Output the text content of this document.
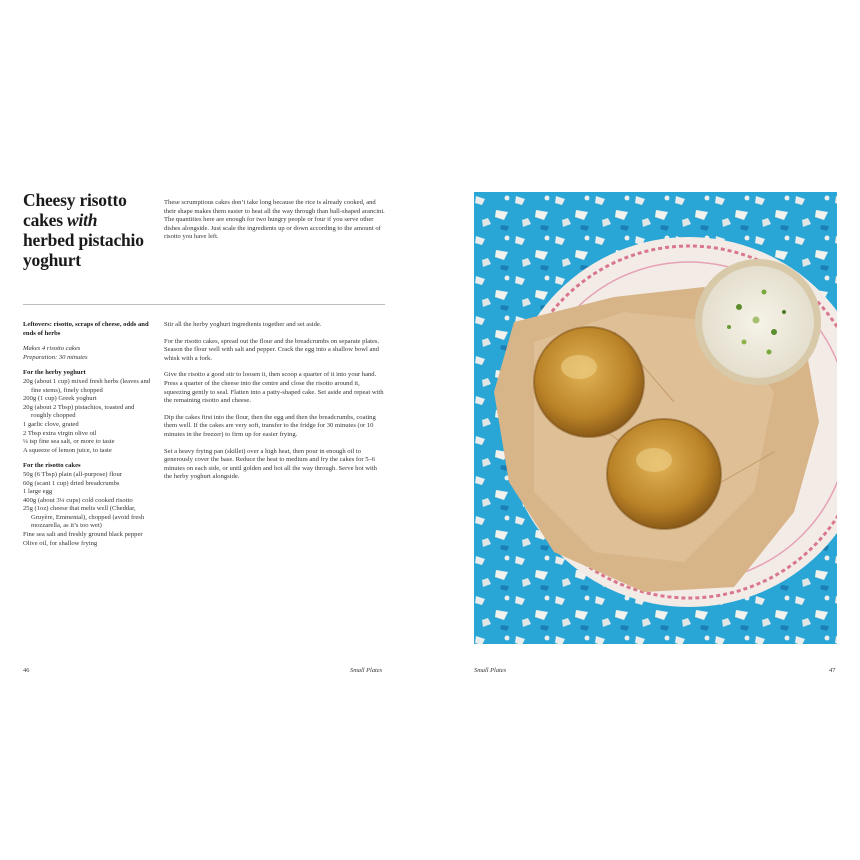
Cheesy risotto
cakes with
herbed pistachio
yoghurt

These scrumptious cakes don’t take long because the rice is already cooked, and their shape makes them easier to heat all the way through than ball-shaped arancini. The quantities here are enough for two hungry people or four if you serve other dishes alongside. Just scale the ingredients up or down according to the amount of risotto you have left.

Leftovers: risotto, scraps of cheese, odds and ends of herbs
Makes 4 risotto cakes
Preparation: 30 minutes
For the herby yoghurt

20g (about 1 cup) mixed fresh herbs (leaves and fine stems), finely chopped

200g (1 cup) Greek yoghurt

20g (about 2 Tbsp) pistachios, toasted and roughly chopped

1 garlic clove, grated

2 Tbsp extra virgin olive oil

¼ tsp fine sea salt, or more to taste

A squeeze of lemon juice, to taste

For the risotto cakes

50g (6 Tbsp) plain (all-purpose) flour

60g (scant 1 cup) dried breadcrumbs

1 large egg

400g (about 3¼ cups) cold cooked risotto

25g (1oz) cheese that melts well (Cheddar, Gruyère, Emmental), chopped (avoid fresh mozzarella, as it’s too wet)

Fine sea salt and freshly ground black pepper

Olive oil, for shallow frying

Stir all the herby yoghurt ingredients together and set aside.

For the risotto cakes, spread out the flour and the breadcrumbs on separate plates. Season the flour well with salt and pepper. Crack the egg into a shallow bowl and whisk with a fork.

Give the risotto a good stir to loosen it, then scoop a quarter of it into your hand. Press a quarter of the cheese into the centre and close the risotto around it, squeezing gently to seal. Flatten into a patty-shaped cake. Set aside and repeat with the remaining risotto and cheese.

Dip the cakes first into the flour, then the egg and then the breadcrumbs, coating them well. If the cakes are very soft, transfer to the fridge for 30 minutes (or 10 minutes in the freezer) to firm up for easier frying.

Set a heavy frying pan (skillet) over a high heat, then pour in enough oil to generously cover the base. Reduce the heat to medium and fry the cakes for 5–6 minutes on each side, or until golden and hot all the way through. Serve hot with the herby yoghurt alongside.

46	Small Plates	Small Plates	47
